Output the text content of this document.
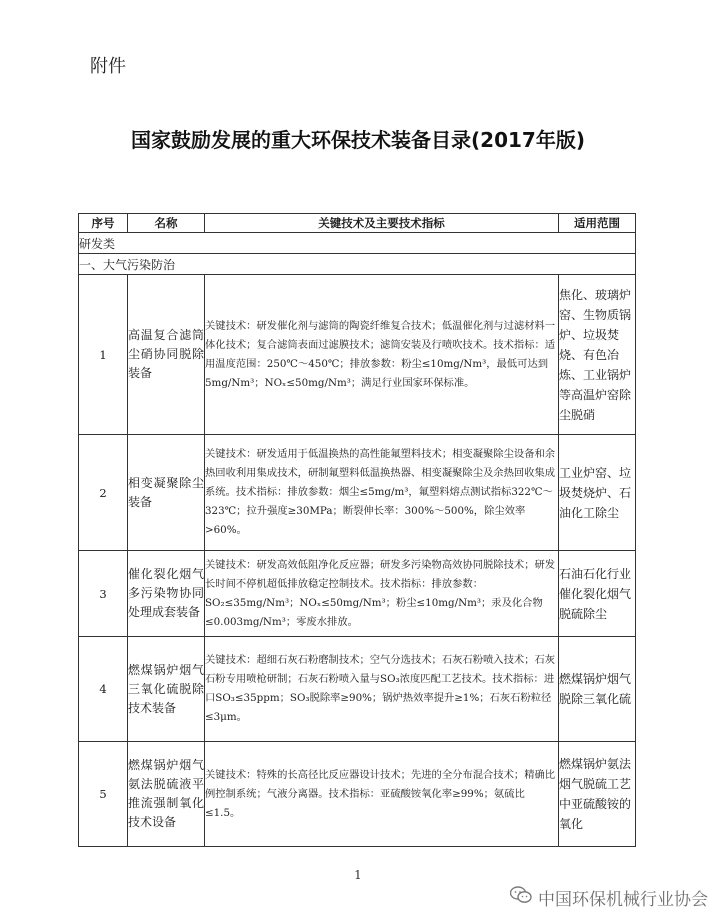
附件
国家鼓励发展的重大环保技术装备目录(2017年版)
序号	名称	关键技术及主要技术指标	适用范围
研发类			
一、大气污染防治			
1	高温复合滤筒尘硝协同脱除装备	关键技术：研发催化剂与滤筒的陶瓷纤维复合技术；低温催化剂与过滤材料一体化技术；复合滤筒表面过滤膜技术；滤筒安装及行喷吹技术。技术指标：适用温度范围：250℃～450℃；排放参数：粉尘≤10mg/Nm³，最低可达到5mg/Nm³；NOₓ≤50mg/Nm³；满足行业国家环保标准。	焦化、玻璃炉窑、生物质锅炉、垃圾焚烧、有色冶炼、工业锅炉等高温炉窑除尘脱硝
2	相变凝聚除尘装备	关键技术：研发适用于低温换热的高性能氟塑料技术；相变凝聚除尘设备和余热回收利用集成技术，研制氟塑料低温换热器、相变凝聚除尘及余热回收集成系统。技术指标：排放参数：烟尘≤5mg/m³，氟塑料熔点测试指标322℃～323℃；拉升强度≥30MPa；断裂伸长率：300%～500%，除尘效率>60%。	工业炉窑、垃圾焚烧炉、石油化工除尘
3	催化裂化烟气多污染物协同处理成套装备	关键技术：研发高效低阻净化反应器；研发多污染物高效协同脱除技术；研发长时间不停机超低排放稳定控制技术。技术指标：排放参数：SO₂≤35mg/Nm³；NOₓ≤50mg/Nm³；粉尘≤10mg/Nm³；汞及化合物≤0.003mg/Nm³；零废水排放。	石油石化行业催化裂化烟气脱硫除尘
4	燃煤锅炉烟气三氧化硫脱除技术装备	关键技术：超细石灰石粉磨制技术；空气分选技术；石灰石粉喷入技术；石灰石粉专用喷枪研制；石灰石粉喷入量与SO₃浓度匹配工艺技术。技术指标：进口SO₃≤35ppm；SO₃脱除率≥90%；锅炉热效率提升≥1%；石灰石粉粒径≤3μm。	燃煤锅炉烟气脱除三氧化硫
5	燃煤锅炉烟气氨法脱硫液平推流强制氧化技术设备	关键技术：特殊的长高径比反应器设计技术；先进的全分布混合技术；精确比例控制系统；气液分离器。技术指标：亚硫酸铵氧化率≥99%；氨硫比≤1.5。	燃煤锅炉氨法烟气脱硫工艺中亚硫酸铵的氧化
1
中国环保机械行业协会
